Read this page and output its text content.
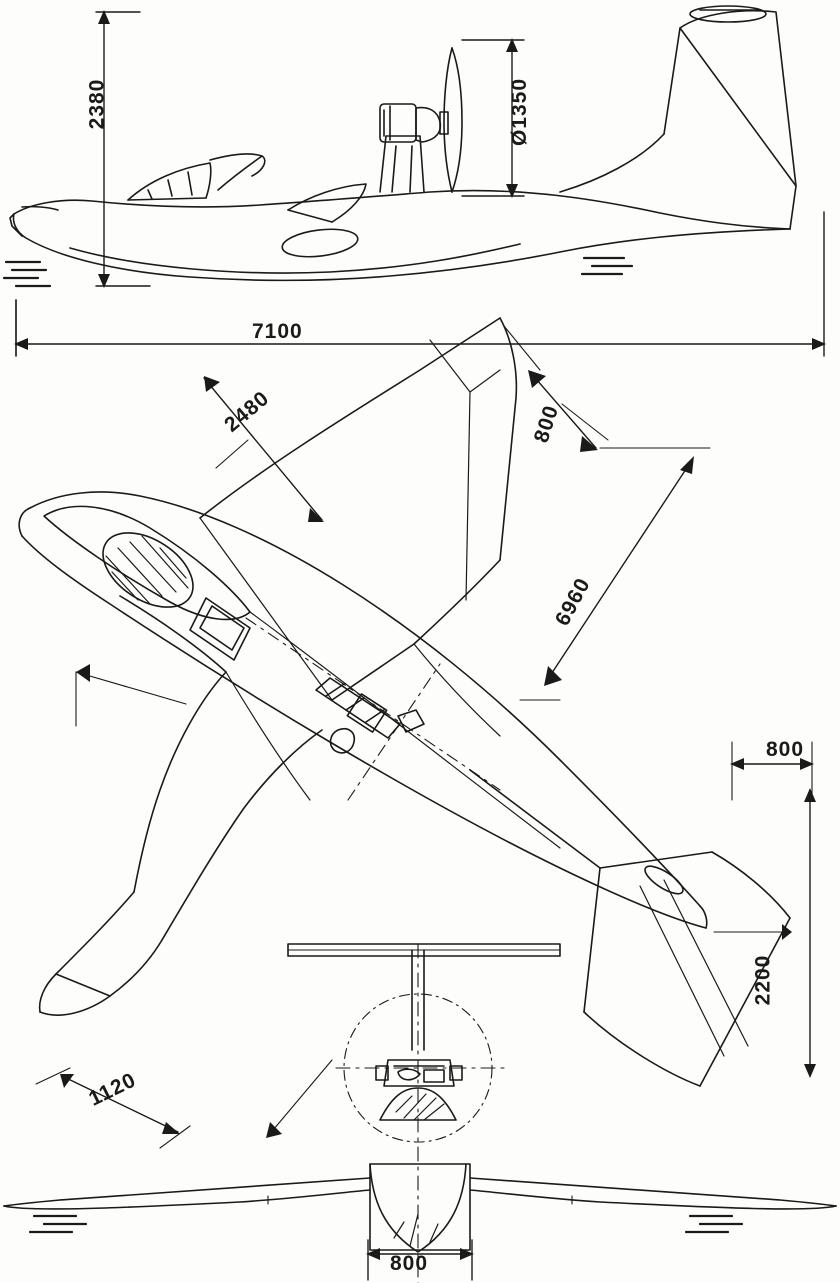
2380	Ø1350
7100
2480	800
6960
800
2200
1120
800
